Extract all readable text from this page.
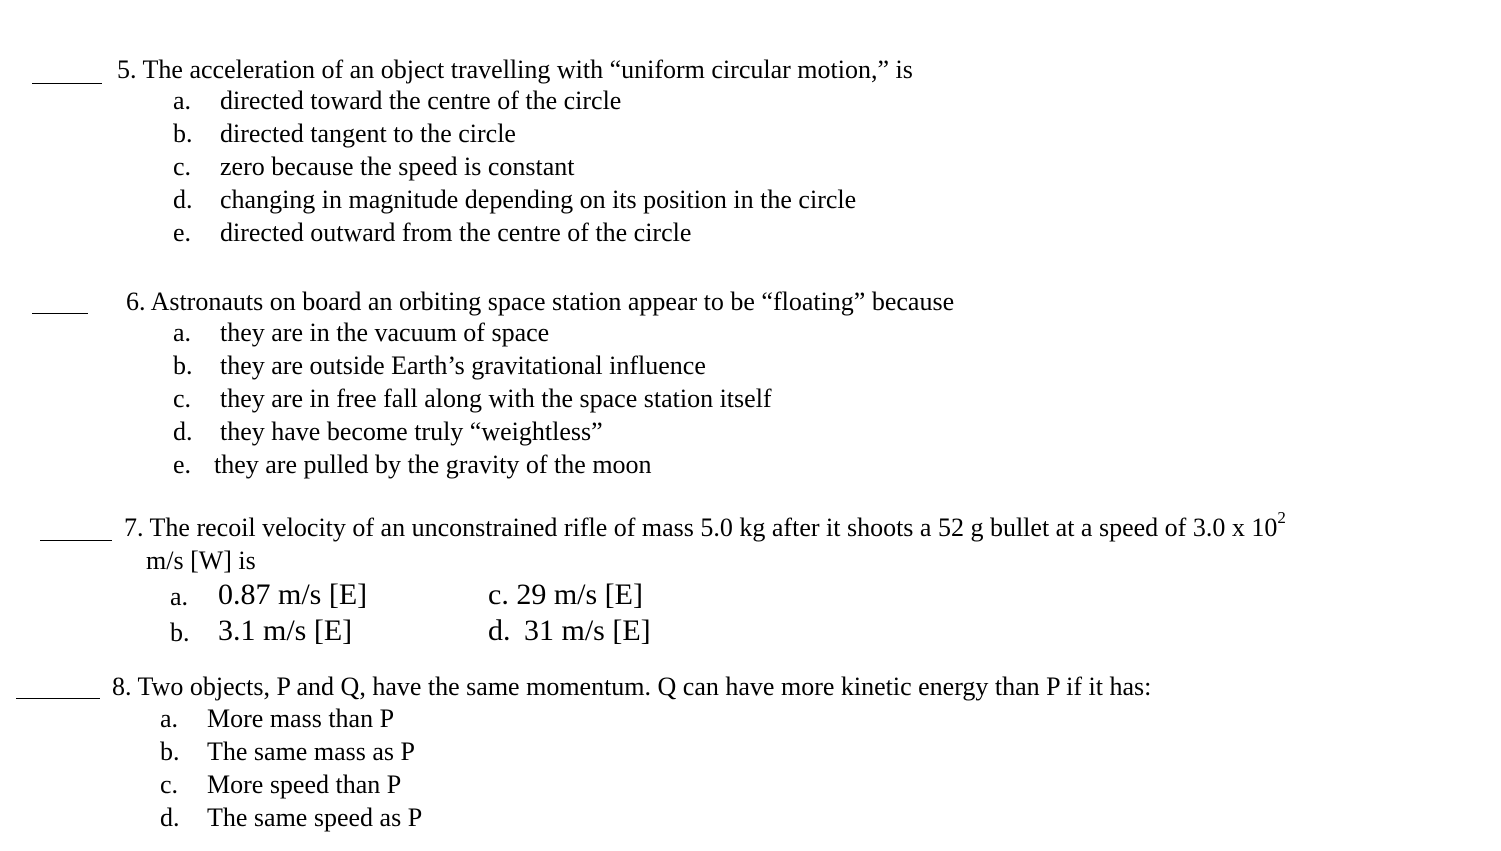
5. The acceleration of an object travelling with “uniform circular motion,” is
a. directed toward the centre of the circle
b. directed tangent to the circle
c. zero because the speed is constant
d. changing in magnitude depending on its position in the circle
e. directed outward from the centre of the circle
6. Astronauts on board an orbiting space station appear to be “floating” because
a. they are in the vacuum of space
b. they are outside Earth’s gravitational influence
c. they are in free fall along with the space station itself
d. they have become truly “weightless”
e. they are pulled by the gravity of the moon
7. The recoil velocity of an unconstrained rifle of mass 5.0 kg after it shoots a 52 g bullet at a speed of 3.0 x $10^2$
m/s [W] is
a. 0.87 m/s [E]	c. 29 m/s [E]
b. 3.1 m/s [E]	d. 31 m/s [E]
8. Two objects, P and Q, have the same momentum. Q can have more kinetic energy than P if it has:
a. More mass than P
b. The same mass as P
c. More speed than P
d. The same speed as P
